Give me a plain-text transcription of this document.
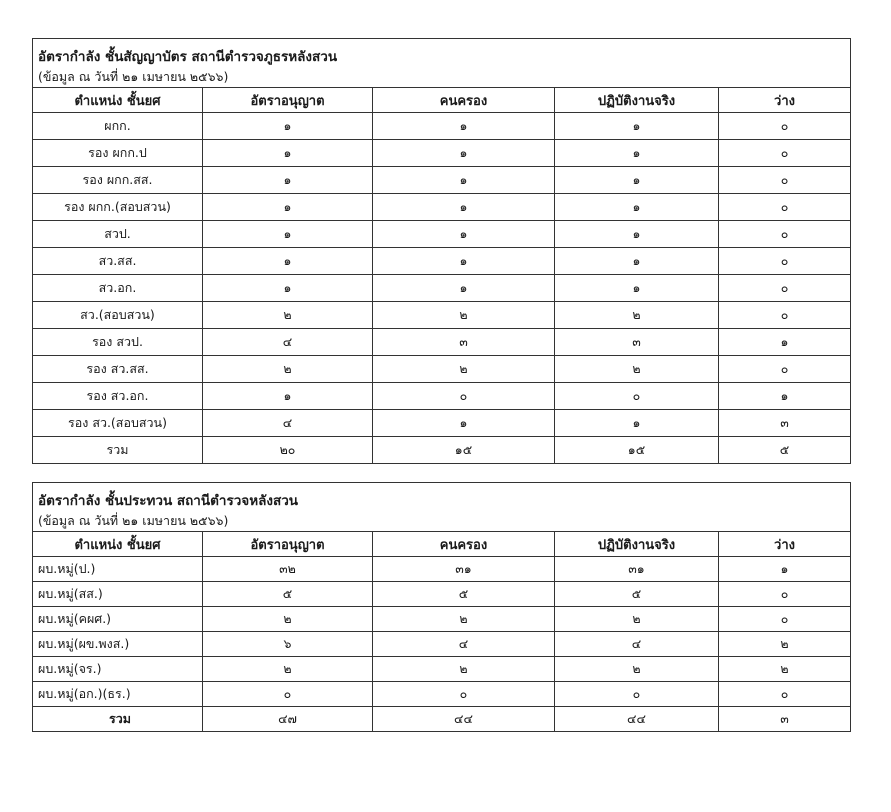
อัตรากำลัง ชั้นสัญญาบัตร สถานีตำรวจภูธรหลังสวน				
(ข้อมูล ณ วันที่ ๒๑ เมษายน ๒๕๖๖)				
ตำแหน่ง ชั้นยศ	อัตราอนุญาต	คนครอง	ปฏิบัติงานจริง	ว่าง
ผกก.	๑	๑	๑	๐
รอง ผกก.ป	๑	๑	๑	๐
รอง ผกก.สส.	๑	๑	๑	๐
รอง ผกก.(สอบสวน)	๑	๑	๑	๐
สวป.	๑	๑	๑	๐
สว.สส.	๑	๑	๑	๐
สว.อก.	๑	๑	๑	๐
สว.(สอบสวน)	๒	๒	๒	๐
รอง สวป.	๔	๓	๓	๑
รอง สว.สส.	๒	๒	๒	๐
รอง สว.อก.	๑	๐	๐	๑
รอง สว.(สอบสวน)	๔	๑	๑	๓
รวม	๒๐	๑๕	๑๕	๕
อัตรากำลัง ชั้นประทวน สถานีตำรวจหลังสวน				
(ข้อมูล ณ วันที่ ๒๑ เมษายน ๒๕๖๖)				
ตำแหน่ง ชั้นยศ	อัตราอนุญาต	คนครอง	ปฏิบัติงานจริง	ว่าง
ผบ.หมู่(ป.)	๓๒	๓๑	๓๑	๑
ผบ.หมู่(สส.)	๕	๕	๕	๐
ผบ.หมู่(คผศ.)	๒	๒	๒	๐
ผบ.หมู่(ผข.พงส.)	๖	๔	๔	๒
ผบ.หมู่(จร.)	๒	๒	๒	๒
ผบ.หมู่(อก.)(ธร.)	๐	๐	๐	๐
รวม	๔๗	๔๔	๔๔	๓
